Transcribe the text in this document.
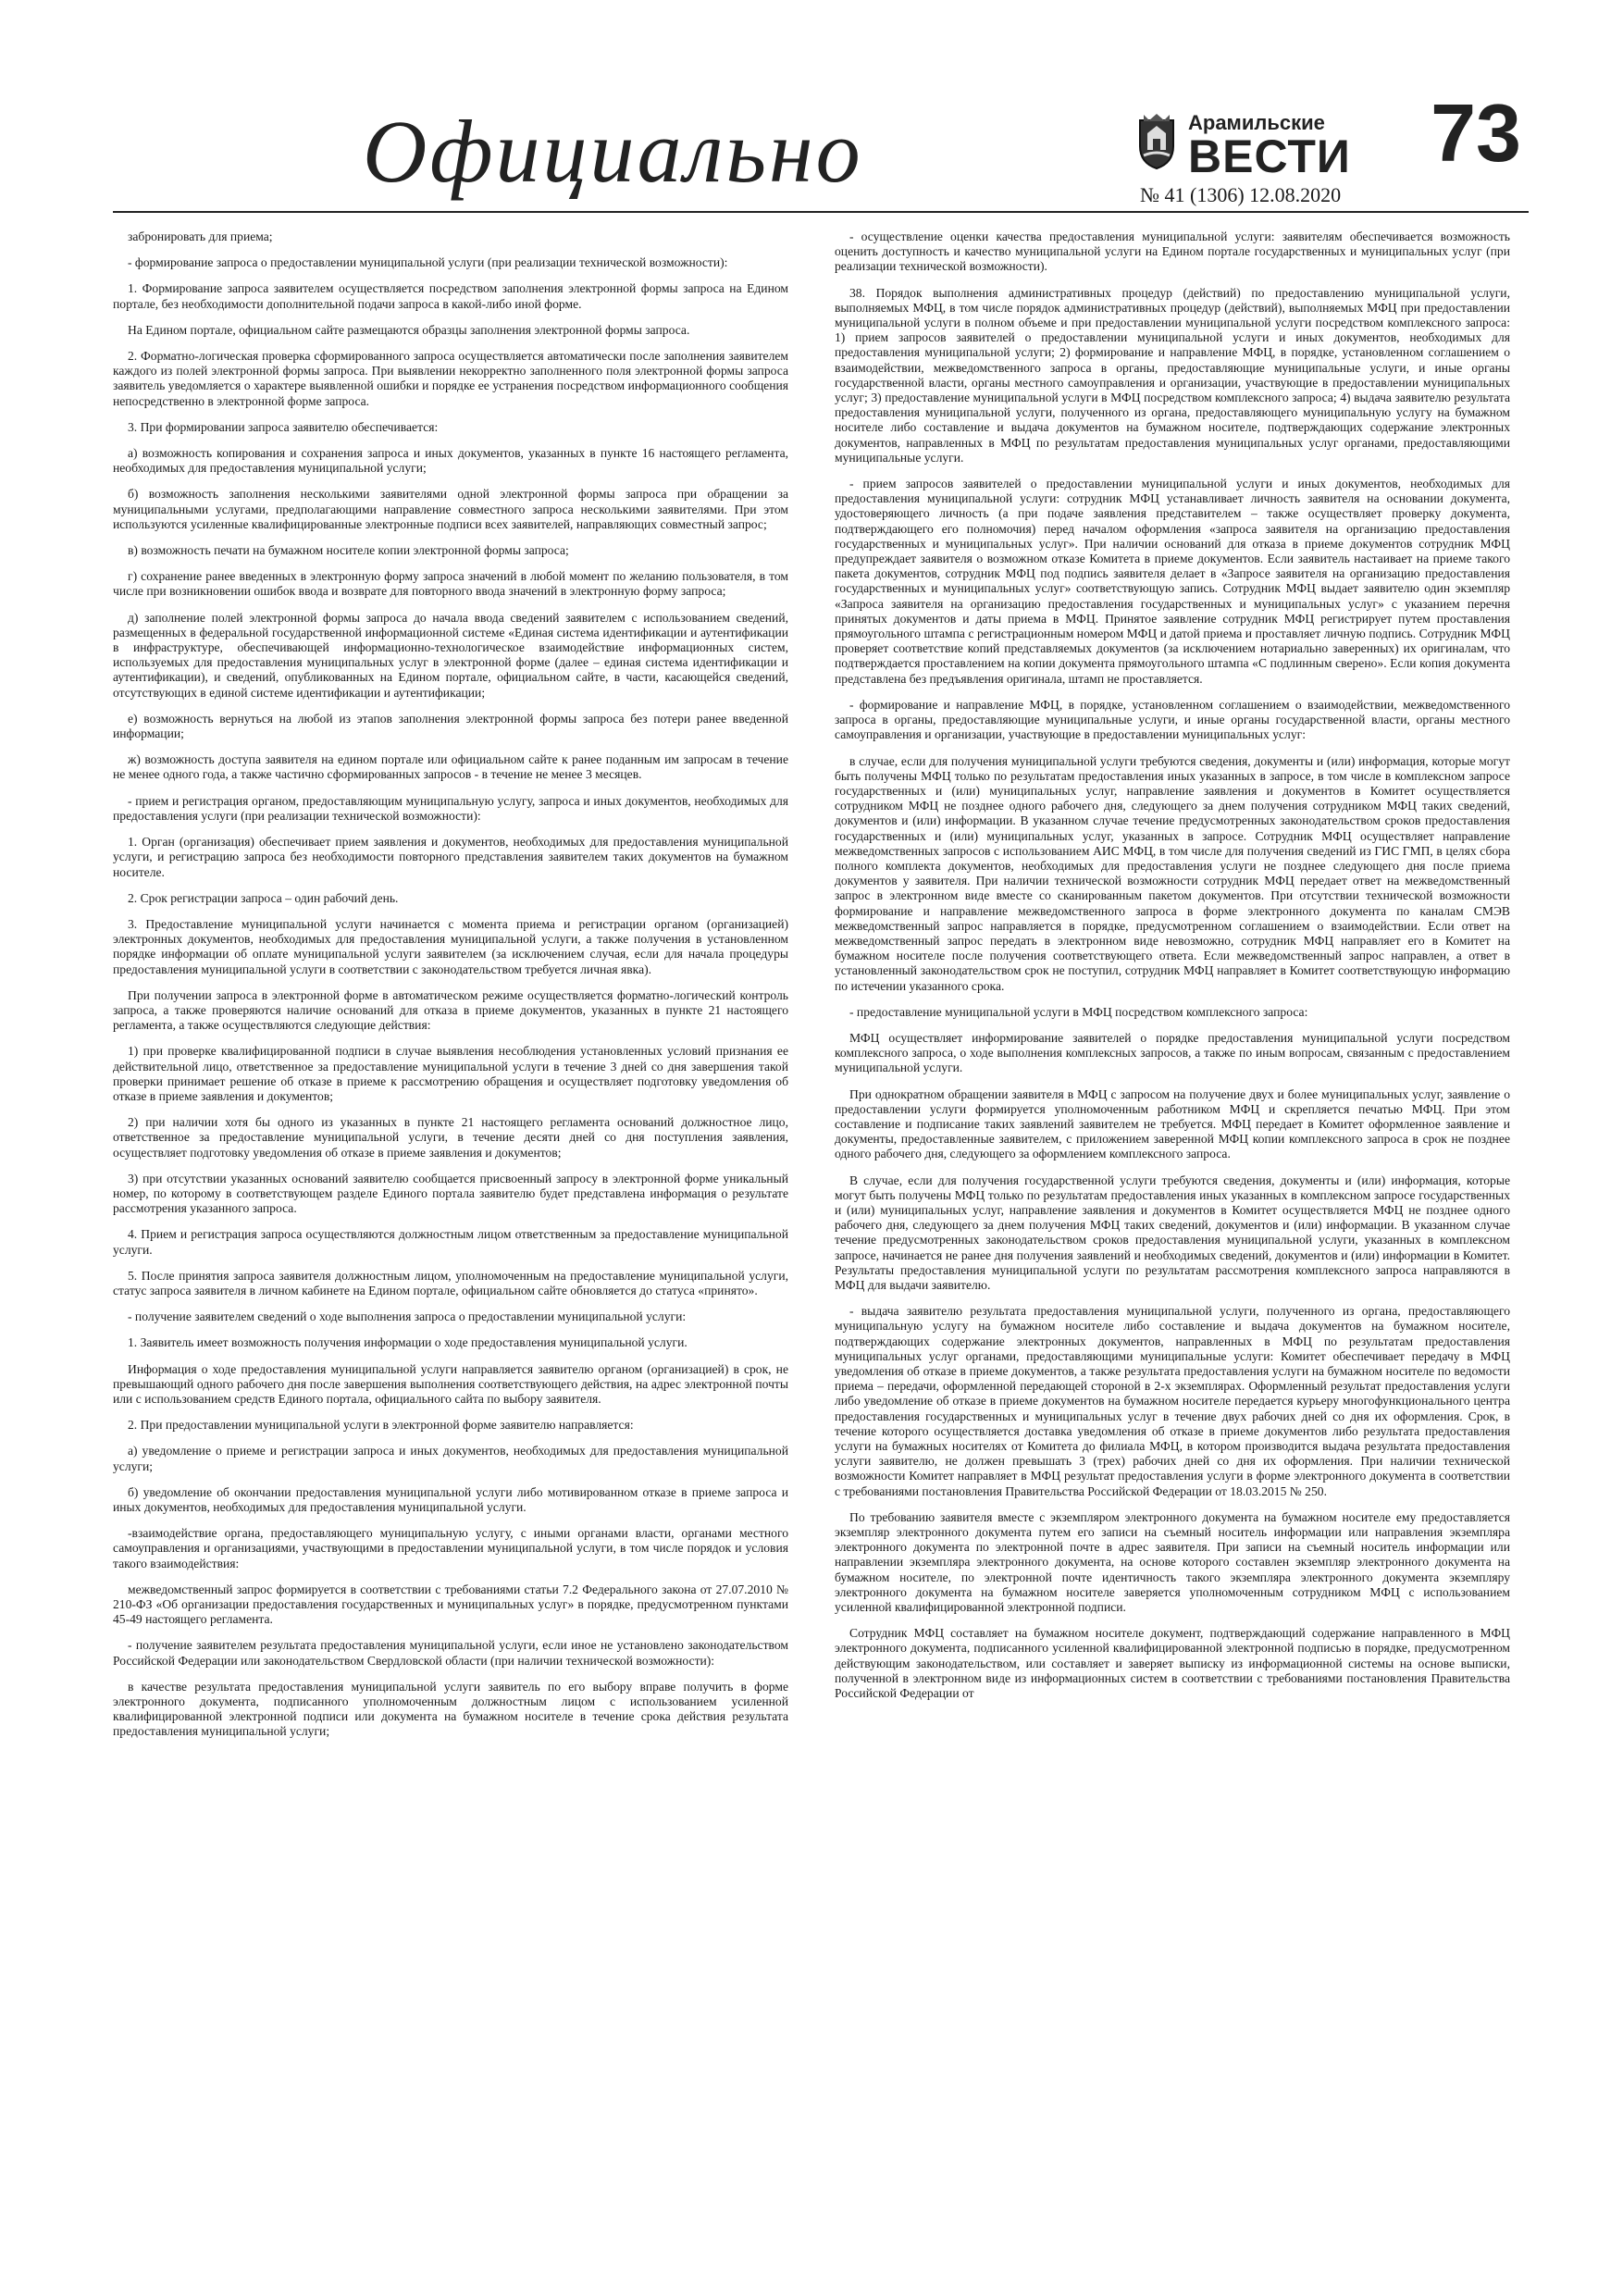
Официально	Арамильские
ВЕСТИ
№ 41 (1306) 12.08.2020
73

забронировать для приема;

- формирование запроса о предоставлении муниципальной услуги (при реализации технической возможности):

1. Формирование запроса заявителем осуществляется посредством заполнения электронной формы запроса на Едином портале, без необходимости дополнительной подачи запроса в какой-либо иной форме.

На Едином портале, официальном сайте размещаются образцы заполнения электронной формы запроса.

2. Форматно-логическая проверка сформированного запроса осуществляется автоматически после заполнения заявителем каждого из полей электронной формы запроса. При выявлении некорректно заполненного поля электронной формы запроса заявитель уведомляется о характере выявленной ошибки и порядке ее устранения посредством информационного сообщения непосредственно в электронной форме запроса.

3. При формировании запроса заявителю обеспечивается:

а) возможность копирования и сохранения запроса и иных документов, указанных в пункте 16 настоящего регламента, необходимых для предоставления муниципальной услуги;

б) возможность заполнения несколькими заявителями одной электронной формы запроса при обращении за муниципальными услугами, предполагающими направление совместного запроса несколькими заявителями. При этом используются усиленные квалифицированные электронные подписи всех заявителей, направляющих совместный запрос;

в) возможность печати на бумажном носителе копии электронной формы запроса;

г) сохранение ранее введенных в электронную форму запроса значений в любой момент по желанию пользователя, в том числе при возникновении ошибок ввода и возврате для повторного ввода значений в электронную форму запроса;

д) заполнение полей электронной формы запроса до начала ввода сведений заявителем с использованием сведений, размещенных в федеральной государственной информационной системе «Единая система идентификации и аутентификации в инфраструктуре, обеспечивающей информационно-технологическое взаимодействие информационных систем, используемых для предоставления муниципальных услуг в электронной форме (далее – единая система идентификации и аутентификации), и сведений, опубликованных на Едином портале, официальном сайте, в части, касающейся сведений, отсутствующих в единой системе идентификации и аутентификации;

е) возможность вернуться на любой из этапов заполнения электронной формы запроса без потери ранее введенной информации;

ж) возможность доступа заявителя на едином портале или официальном сайте к ранее поданным им запросам в течение не менее одного года, а также частично сформированных запросов - в течение не менее 3 месяцев.

- прием и регистрация органом, предоставляющим муниципальную услугу, запроса и иных документов, необходимых для предоставления услуги (при реализации технической возможности):

1. Орган (организация) обеспечивает прием заявления и документов, необходимых для предоставления муниципальной услуги, и регистрацию запроса без необходимости повторного представления заявителем таких документов на бумажном носителе.

2. Срок регистрации запроса – один рабочий день.

3. Предоставление муниципальной услуги начинается с момента приема и регистрации органом (организацией) электронных документов, необходимых для предоставления муниципальной услуги, а также получения в установленном порядке информации об оплате муниципальной услуги заявителем (за исключением случая, если для начала процедуры предоставления муниципальной услуги в соответствии с законодательством требуется личная явка).

При получении запроса в электронной форме в автоматическом режиме осуществляется форматно-логический контроль запроса, а также проверяются наличие оснований для отказа в приеме документов, указанных в пункте 21 настоящего регламента, а также осуществляются следующие действия:

1) при проверке квалифицированной подписи в случае выявления несоблюдения установленных условий признания ее действительной лицо, ответственное за предоставление муниципальной услуги в течение 3 дней со дня завершения такой проверки принимает решение об отказе в приеме к рассмотрению обращения и осуществляет подготовку уведомления об отказе в приеме заявления и документов;

2) при наличии хотя бы одного из указанных в пункте 21 настоящего регламента оснований должностное лицо, ответственное за предоставление муниципальной услуги, в течение десяти дней со дня поступления заявления, осуществляет подготовку уведомления об отказе в приеме заявления и документов;

3) при отсутствии указанных оснований заявителю сообщается присвоенный запросу в электронной форме уникальный номер, по которому в соответствующем разделе Единого портала заявителю будет представлена информация о результате рассмотрения указанного запроса.

4. Прием и регистрация запроса осуществляются должностным лицом ответственным за предоставление муниципальной услуги.

5. После принятия запроса заявителя должностным лицом, уполномоченным на предоставление муниципальной услуги, статус запроса заявителя в личном кабинете на Едином портале, официальном сайте обновляется до статуса «принято».

- получение заявителем сведений о ходе выполнения запроса о предоставлении муниципальной услуги:

1. Заявитель имеет возможность получения информации о ходе предоставления муниципальной услуги.

Информация о ходе предоставления муниципальной услуги направляется заявителю органом (организацией) в срок, не превышающий одного рабочего дня после завершения выполнения соответствующего действия, на адрес электронной почты или с использованием средств Единого портала, официального сайта по выбору заявителя.

2. При предоставлении муниципальной услуги в электронной форме заявителю направляется:

а) уведомление о приеме и регистрации запроса и иных документов, необходимых для предоставления муниципальной услуги;

б) уведомление об окончании предоставления муниципальной услуги либо мотивированном отказе в приеме запроса и иных документов, необходимых для предоставления муниципальной услуги.

-взаимодействие органа, предоставляющего муниципальную услугу, с иными органами власти, органами местного самоуправления и организациями, участвующими в предоставлении муниципальной услуги, в том числе порядок и условия такого взаимодействия:

межведомственный запрос формируется в соответствии с требованиями статьи 7.2 Федерального закона от 27.07.2010 № 210-ФЗ «Об организации предоставления государственных и муниципальных услуг» в порядке, предусмотренном пунктами 45-49 настоящего регламента.

- получение заявителем результата предоставления муниципальной услуги, если иное не установлено законодательством Российской Федерации или законодательством Свердловской области (при наличии технической возможности):

в качестве результата предоставления муниципальной услуги заявитель по его выбору вправе получить в форме электронного документа, подписанного уполномоченным должностным лицом с использованием усиленной квалифицированной электронной подписи или документа на бумажном носителе в течение срока действия результата предоставления муниципальной услуги;

- осуществление оценки качества предоставления муниципальной услуги: заявителям обеспечивается возможность оценить доступность и качество муниципальной услуги на Едином портале государственных и муниципальных услуг (при реализации технической возможности).

38. Порядок выполнения административных процедур (действий) по предоставлению муниципальной услуги, выполняемых МФЦ, в том числе порядок административных процедур (действий), выполняемых МФЦ при предоставлении муниципальной услуги в полном объеме и при предоставлении муниципальной услуги посредством комплексного запроса: 1) прием запросов заявителей о предоставлении муниципальной услуги и иных документов, необходимых для предоставления муниципальной услуги; 2) формирование и направление МФЦ, в порядке, установленном соглашением о взаимодействии, межведомственного запроса в органы, предоставляющие муниципальные услуги, и иные органы государственной власти, органы местного самоуправления и организации, участвующие в предоставлении муниципальных услуг; 3) предоставление муниципальной услуги в МФЦ посредством комплексного запроса; 4) выдача заявителю результата предоставления муниципальной услуги, полученного из органа, предоставляющего муниципальную услугу на бумажном носителе либо составление и выдача документов на бумажном носителе, подтверждающих содержание электронных документов, направленных в МФЦ по результатам предоставления муниципальных услуг органами, предоставляющими муниципальные услуги.

- прием запросов заявителей о предоставлении муниципальной услуги и иных документов, необходимых для предоставления муниципальной услуги: сотрудник МФЦ устанавливает личность заявителя на основании документа, удостоверяющего личность (а при подаче заявления представителем – также осуществляет проверку документа, подтверждающего его полномочия) перед началом оформления «запроса заявителя на организацию предоставления государственных и муниципальных услуг». При наличии оснований для отказа в приеме документов сотрудник МФЦ предупреждает заявителя о возможном отказе Комитета в приеме документов. Если заявитель настаивает на приеме такого пакета документов, сотрудник МФЦ под подпись заявителя делает в «Запросе заявителя на организацию предоставления государственных и муниципальных услуг» соответствующую запись. Сотрудник МФЦ выдает заявителю один экземпляр «Запроса заявителя на организацию предоставления государственных и муниципальных услуг» с указанием перечня принятых документов и даты приема в МФЦ. Принятое заявление сотрудник МФЦ регистрирует путем проставления прямоугольного штампа с регистрационным номером МФЦ и датой приема и проставляет личную подпись. Сотрудник МФЦ проверяет соответствие копий представляемых документов (за исключением нотариально заверенных) их оригиналам, что подтверждается проставлением на копии документа прямоугольного штампа «С подлинным сверено». Если копия документа представлена без предъявления оригинала, штамп не проставляется.

- формирование и направление МФЦ, в порядке, установленном соглашением о взаимодействии, межведомственного запроса в органы, предоставляющие муниципальные услуги, и иные органы государственной власти, органы местного самоуправления и организации, участвующие в предоставлении муниципальных услуг:

в случае, если для получения муниципальной услуги требуются сведения, документы и (или) информация, которые могут быть получены МФЦ только по результатам предоставления иных указанных в запросе, в том числе в комплексном запросе государственных и (или) муниципальных услуг, направление заявления и документов в Комитет осуществляется сотрудником МФЦ не позднее одного рабочего дня, следующего за днем получения сотрудником МФЦ таких сведений, документов и (или) информации. В указанном случае течение предусмотренных законодательством сроков предоставления государственных и (или) муниципальных услуг, указанных в запросе. Сотрудник МФЦ осуществляет направление межведомственных запросов с использованием АИС МФЦ, в том числе для получения сведений из ГИС ГМП, в целях сбора полного комплекта документов, необходимых для предоставления услуги не позднее следующего дня после приема документов у заявителя. При наличии технической возможности сотрудник МФЦ передает ответ на межведомственный запрос в электронном виде вместе со сканированным пакетом документов. При отсутствии технической возможности формирование и направление межведомственного запроса в форме электронного документа по каналам СМЭВ межведомственный запрос направляется в порядке, предусмотренном соглашением о взаимодействии. Если ответ на межведомственный запрос передать в электронном виде невозможно, сотрудник МФЦ направляет его в Комитет на бумажном носителе после получения соответствующего ответа. Если межведомственный запрос направлен, а ответ в установленный законодательством срок не поступил, сотрудник МФЦ направляет в Комитет соответствующую информацию по истечении указанного срока.

- предоставление муниципальной услуги в МФЦ посредством комплексного запроса:

МФЦ осуществляет информирование заявителей о порядке предоставления муниципальной услуги посредством комплексного запроса, о ходе выполнения комплексных запросов, а также по иным вопросам, связанным с предоставлением муниципальной услуги.

При однократном обращении заявителя в МФЦ с запросом на получение двух и более муниципальных услуг, заявление о предоставлении услуги формируется уполномоченным работником МФЦ и скрепляется печатью МФЦ. При этом составление и подписание таких заявлений заявителем не требуется. МФЦ передает в Комитет оформленное заявление и документы, предоставленные заявителем, с приложением заверенной МФЦ копии комплексного запроса в срок не позднее одного рабочего дня, следующего за оформлением комплексного запроса.

В случае, если для получения государственной услуги требуются сведения, документы и (или) информация, которые могут быть получены МФЦ только по результатам предоставления иных указанных в комплексном запросе государственных и (или) муниципальных услуг, направление заявления и документов в Комитет осуществляется МФЦ не позднее одного рабочего дня, следующего за днем получения МФЦ таких сведений, документов и (или) информации. В указанном случае течение предусмотренных законодательством сроков предоставления муниципальной услуги, указанных в комплексном запросе, начинается не ранее дня получения заявлений и необходимых сведений, документов и (или) информации в Комитет. Результаты предоставления муниципальной услуги по результатам рассмотрения комплексного запроса направляются в МФЦ для выдачи заявителю.

- выдача заявителю результата предоставления муниципальной услуги, полученного из органа, предоставляющего муниципальную услугу на бумажном носителе либо составление и выдача документов на бумажном носителе, подтверждающих содержание электронных документов, направленных в МФЦ по результатам предоставления муниципальных услуг органами, предоставляющими муниципальные услуги: Комитет обеспечивает передачу в МФЦ уведомления об отказе в приеме документов, а также результата предоставления услуги на бумажном носителе по ведомости приема – передачи, оформленной передающей стороной в 2-х экземплярах. Оформленный результат предоставления услуги либо уведомление об отказе в приеме документов на бумажном носителе передается курьеру многофункционального центра предоставления государственных и муниципальных услуг в течение двух рабочих дней со дня их оформления. Срок, в течение которого осуществляется доставка уведомления об отказе в приеме документов либо результата предоставления услуги на бумажных носителях от Комитета до филиала МФЦ, в котором производится выдача результата предоставления услуги заявителю, не должен превышать 3 (трех) рабочих дней со дня их оформления. При наличии технической возможности Комитет направляет в МФЦ результат предоставления услуги в форме электронного документа в соответствии с требованиями постановления Правительства Российской Федерации от 18.03.2015 № 250.

По требованию заявителя вместе с экземпляром электронного документа на бумажном носителе ему предоставляется экземпляр электронного документа путем его записи на съемный носитель информации или направления экземпляра электронного документа по электронной почте в адрес заявителя. При записи на съемный носитель информации или направлении экземпляра электронного документа, на основе которого составлен экземпляр электронного документа на бумажном носителе, по электронной почте идентичность такого экземпляра электронного документа экземпляру электронного документа на бумажном носителе заверяется уполномоченным сотрудником МФЦ с использованием усиленной квалифицированной электронной подписи.

Сотрудник МФЦ составляет на бумажном носителе документ, подтверждающий содержание направленного в МФЦ электронного документа, подписанного усиленной квалифицированной электронной подписью в порядке, предусмотренном действующим законодательством, или составляет и заверяет выписку из информационной системы на основе выписки, полученной в электронном виде из информационных систем в соответствии с требованиями постановления Правительства Российской Федерации от
